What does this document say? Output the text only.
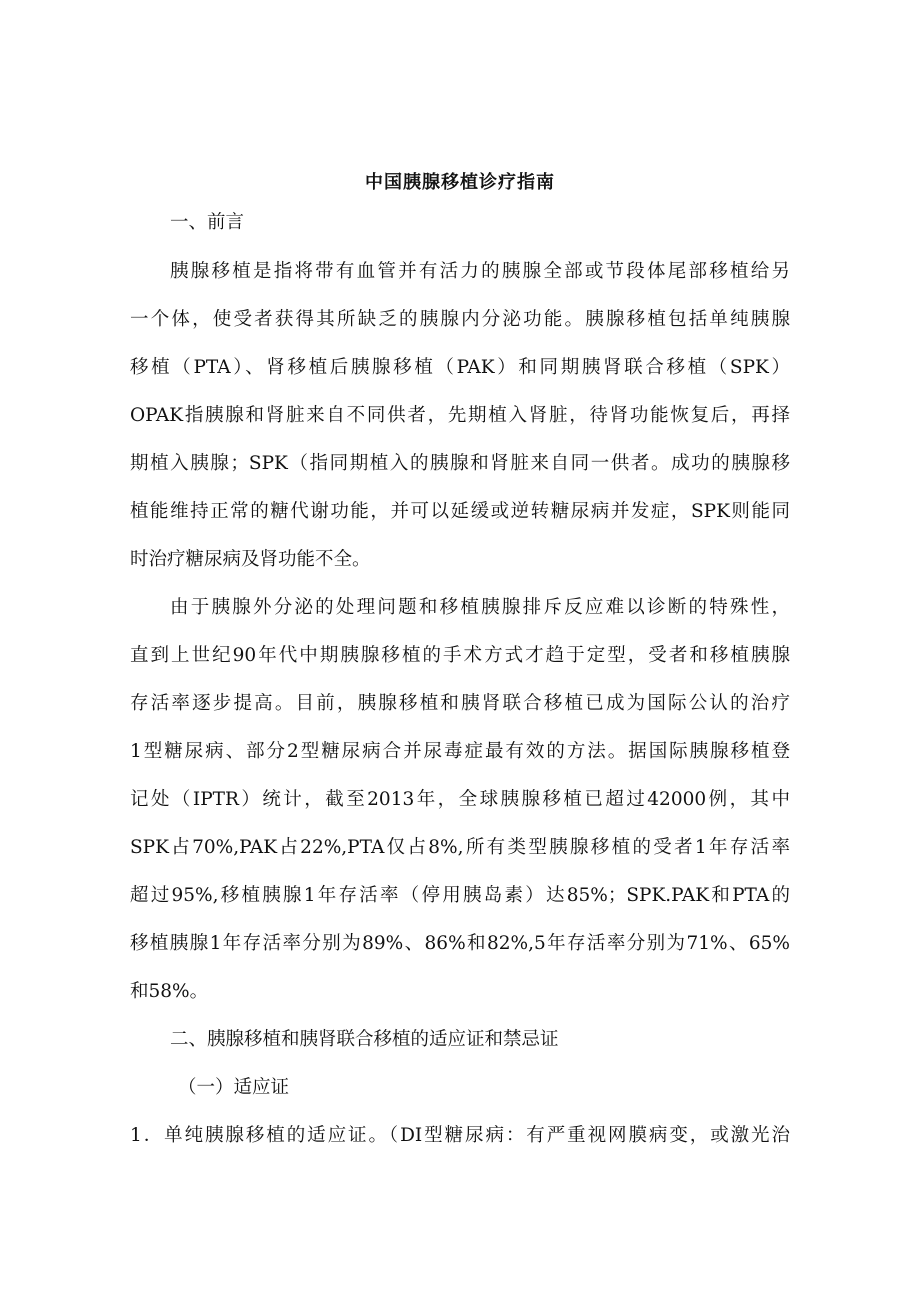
中国胰腺移植诊疗指南
一、前言
胰腺移植是指将带有血管并有活力的胰腺全部或节段体尾部移植给另
一个体，使受者获得其所缺乏的胰腺内分泌功能。胰腺移植包括单纯胰腺
移植（PTA）、肾移植后胰腺移植（PAK）和同期胰肾联合移植（SPK）
OPAK指胰腺和肾脏来自不同供者，先期植入肾脏，待肾功能恢复后，再择
期植入胰腺；SPK（指同期植入的胰腺和肾脏来自同一供者。成功的胰腺移
植能维持正常的糖代谢功能，并可以延缓或逆转糖尿病并发症，SPK则能同
时治疗糖尿病及肾功能不全。
由于胰腺外分泌的处理问题和移植胰腺排斥反应难以诊断的特殊性，
直到上世纪90年代中期胰腺移植的手术方式才趋于定型，受者和移植胰腺
存活率逐步提高。目前，胰腺移植和胰肾联合移植已成为国际公认的治疗
1型糖尿病、部分2型糖尿病合并尿毒症最有效的方法。据国际胰腺移植登
记处（IPTR）统计，截至2013年，全球胰腺移植已超过42000例，其中
SPK占70%,PAK占22%,PTA仅占8%,所有类型胰腺移植的受者1年存活率
超过95%,移植胰腺1年存活率（停用胰岛素）达85%；SPK.PAK和PTA的
移植胰腺1年存活率分别为89%、86%和82%,5年存活率分别为71%、65%
和58%。
二、胰腺移植和胰肾联合移植的适应证和禁忌证
（一）适应证
1．单纯胰腺移植的适应证。（DI型糖尿病：有严重视网膜病变，或激光治
